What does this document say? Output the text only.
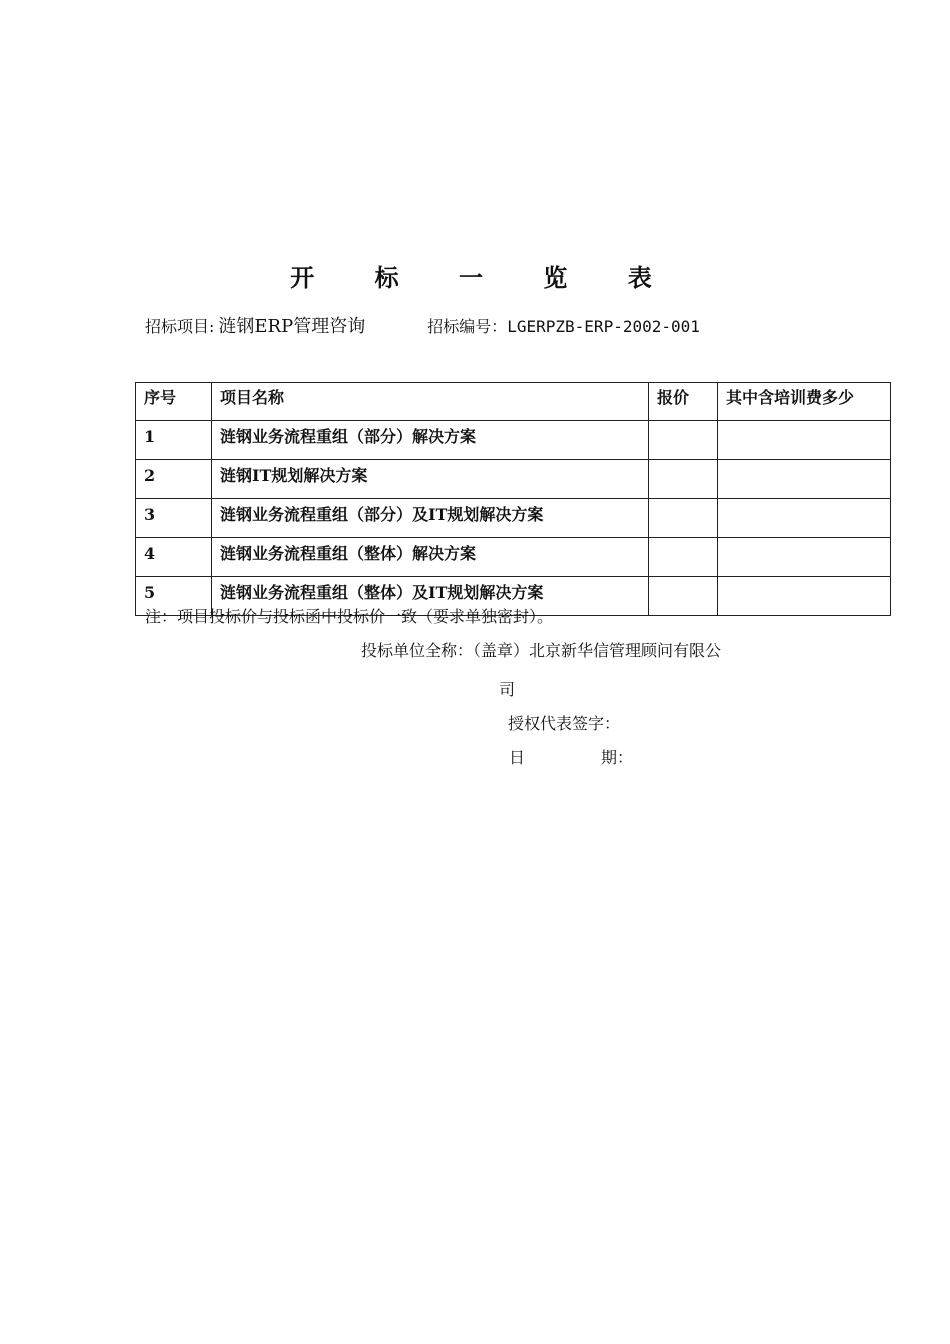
开 标 一 览 表
招标项目: 涟钢ERP管理咨询	招标编号：LGERPZB-ERP-2002-001
序号	项目名称	报价	其中含培训费多少
1	涟钢业务流程重组（部分）解决方案		
2	涟钢IT规划解决方案		
3	涟钢业务流程重组（部分）及IT规划解决方案		
4	涟钢业务流程重组（整体）解决方案		
5	涟钢业务流程重组（整体）及IT规划解决方案		
注：项目投标价与投标函中投标价一致（要求单独密封）。
投标单位全称：（盖章）北京新华信管理顾问有限公
司
授权代表签字：
日	期：
